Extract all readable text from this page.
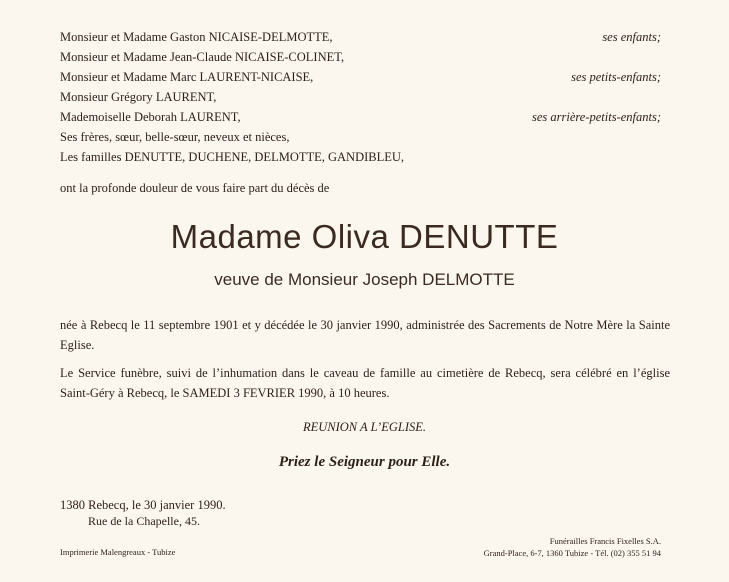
Monsieur et Madame Gaston NICAISE-DELMOTTE,	ses enfants;
Monsieur et Madame Jean-Claude NICAISE-COLINET,
Monsieur et Madame Marc LAURENT-NICAISE,	ses petits-enfants;
Monsieur Grégory LAURENT,
Mademoiselle Deborah LAURENT,	ses arrière-petits-enfants;
Ses frères, sœur, belle-sœur, neveux et nièces,
Les familles DENUTTE, DUCHENE, DELMOTTE, GANDIBLEU,
ont la profonde douleur de vous faire part du décès de
Madame Oliva DENUTTE
veuve de Monsieur Joseph DELMOTTE
née à Rebecq le 11 septembre 1901 et y décédée le 30 janvier 1990, administrée des Sacrements de Notre Mère la Sainte Eglise.
Le Service funèbre, suivi de l’inhumation dans le caveau de famille au cimetière de Rebecq, sera célébré en l’église Saint-Géry à Rebecq, le SAMEDI 3 FEVRIER 1990, à 10 heures.
REUNION A L’EGLISE.
Priez le Seigneur pour Elle.
1380 Rebecq, le 30 janvier 1990.
Rue de la Chapelle, 45.
Imprimerie Malengreaux - Tubize
Funérailles Francis Fixelles S.A.
Grand-Place, 6-7, 1360 Tubize - Tél. (02) 355 51 94
